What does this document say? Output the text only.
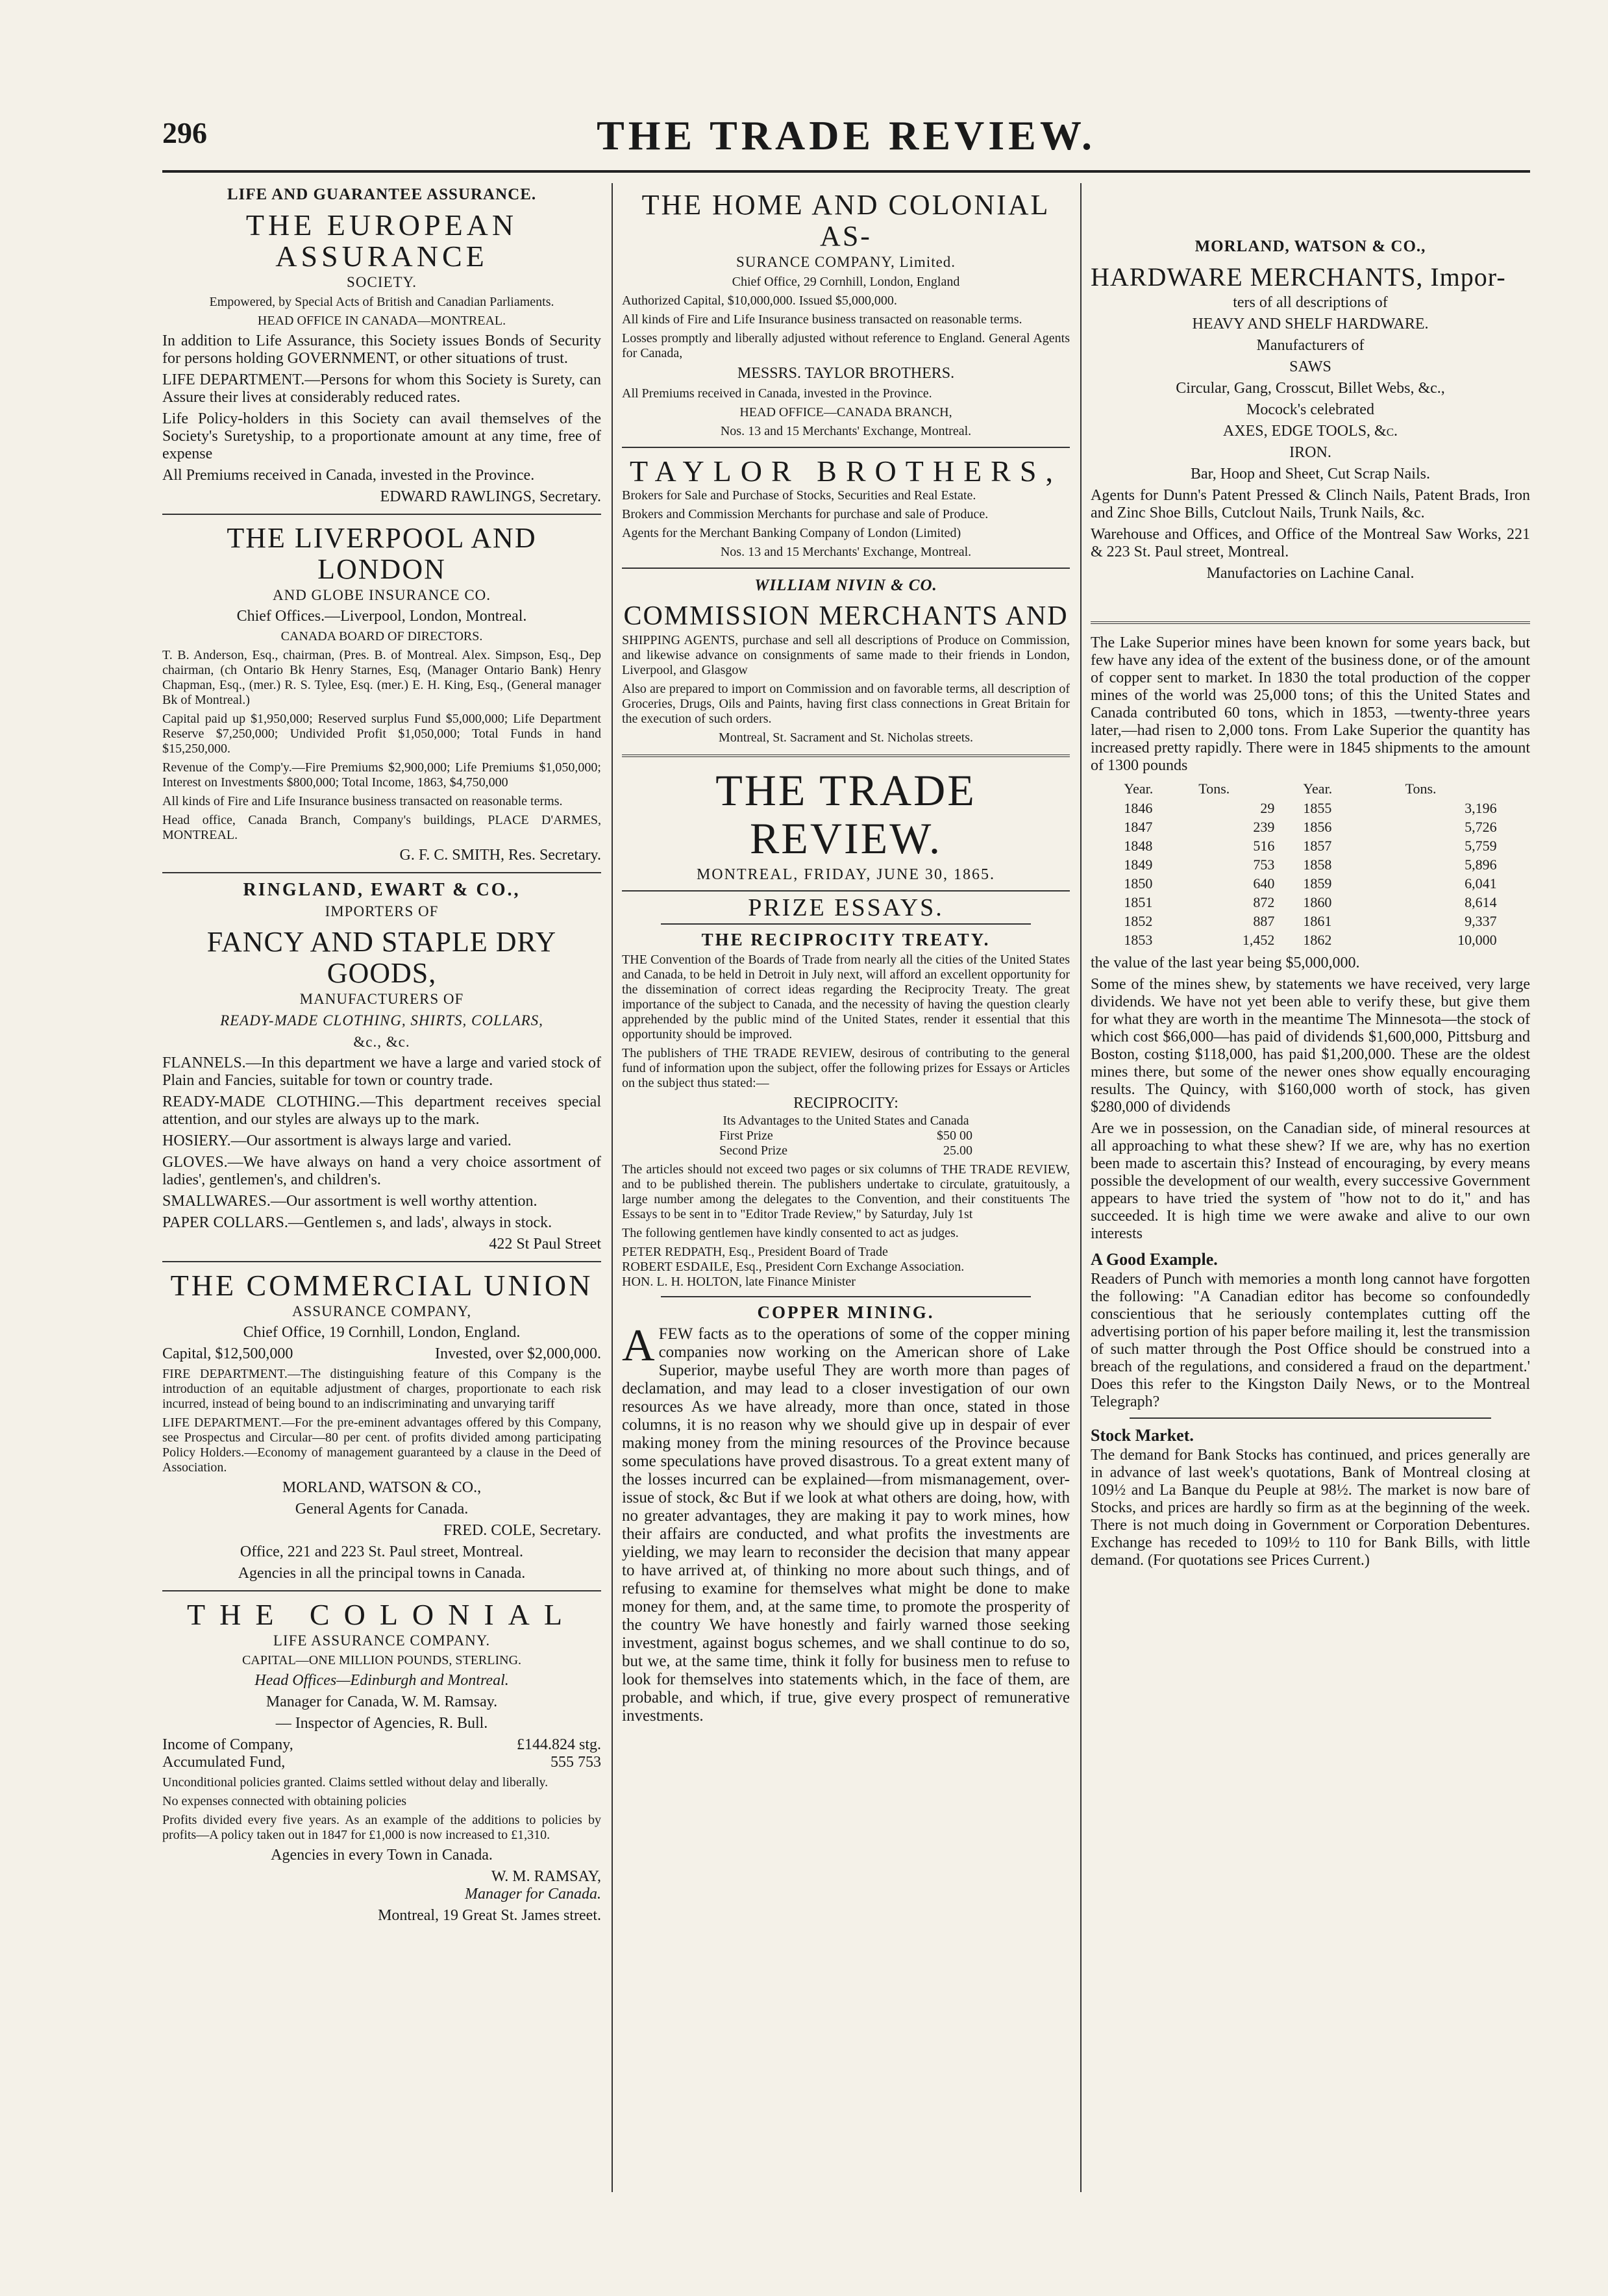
296	THE TRADE REVIEW.
LIFE AND GUARANTEE ASSURANCE.
THE EUROPEAN ASSURANCE
SOCIETY.

Empowered, by Special Acts of British and Canadian Parliaments.

HEAD OFFICE IN CANADA—MONTREAL.

In addition to Life Assurance, this Society issues Bonds of Security for persons holding GOVERNMENT, or other situations of trust.

LIFE DEPARTMENT.—Persons for whom this Society is Surety, can Assure their lives at considerably reduced rates.

Life Policy-holders in this Society can avail themselves of the Society's Suretyship, to a proportionate amount at any time, free of expense

All Premiums received in Canada, invested in the Province.

EDWARD RAWLINGS, Secretary.

THE LIVERPOOL AND LONDON
AND GLOBE INSURANCE CO.

Chief Offices.—Liverpool, London, Montreal.

CANADA BOARD OF DIRECTORS.

T. B. Anderson, Esq., chairman, (Pres. B. of Montreal. Alex. Simpson, Esq., Dep chairman, (ch Ontario Bk Henry Starnes, Esq, (Manager Ontario Bank) Henry Chapman, Esq., (mer.) R. S. Tylee, Esq. (mer.) E. H. King, Esq., (General manager Bk of Montreal.)

Capital paid up $1,950,000; Reserved surplus Fund $5,000,000; Life Department Reserve $7,250,000; Undivided Profit $1,050,000; Total Funds in hand $15,250,000.

Revenue of the Comp'y.—Fire Premiums $2,900,000; Life Premiums $1,050,000; Interest on Investments $800,000; Total Income, 1863, $4,750,000

All kinds of Fire and Life Insurance business transacted on reasonable terms.

Head office, Canada Branch, Company's buildings, PLACE D'ARMES, MONTREAL.

G. F. C. SMITH, Res. Secretary.

RINGLAND, EWART & CO.,
IMPORTERS OF
FANCY AND STAPLE DRY GOODS,
MANUFACTURERS OF
READY-MADE CLOTHING, SHIRTS, COLLARS,
&c., &c.

FLANNELS.—In this department we have a large and varied stock of Plain and Fancies, suitable for town or country trade.

READY-MADE CLOTHING.—This department receives special attention, and our styles are always up to the mark.

HOSIERY.—Our assortment is always large and varied.

GLOVES.—We have always on hand a very choice assortment of ladies', gentlemen's, and children's.

SMALLWARES.—Our assortment is well worthy attention.

PAPER COLLARS.—Gentlemen s, and lads', always in stock.

422 St Paul Street

THE COMMERCIAL UNION
ASSURANCE COMPANY,

Chief Office, 19 Cornhill, London, England.

Capital, $12,500,000	Invested, over $2,000,000.

FIRE DEPARTMENT.—The distinguishing feature of this Company is the introduction of an equitable adjustment of charges, proportionate to each risk incurred, instead of being bound to an indiscriminating and unvarying tariff

LIFE DEPARTMENT.—For the pre-eminent advantages offered by this Company, see Prospectus and Circular—80 per cent. of profits divided among participating Policy Holders.—Economy of management guaranteed by a clause in the Deed of Association.

MORLAND, WATSON & CO.,

General Agents for Canada.

FRED. COLE, Secretary.

Office, 221 and 223 St. Paul street, Montreal.

Agencies in all the principal towns in Canada.

THE COLONIAL
LIFE ASSURANCE COMPANY.

CAPITAL—ONE MILLION POUNDS, STERLING.

Head Offices—Edinburgh and Montreal.

Manager for Canada, W. M. Ramsay.

— Inspector of Agencies, R. Bull.

Income of Company,	£144.824 stg.
Accumulated Fund,	555 753

Unconditional policies granted. Claims settled without delay and liberally.

No expenses connected with obtaining policies

Profits divided every five years. As an example of the additions to policies by profits—A policy taken out in 1847 for £1,000 is now increased to £1,310.

Agencies in every Town in Canada.

W. M. RAMSAY,

Manager for Canada.

Montreal, 19 Great St. James street.

THE HOME AND COLONIAL AS-
SURANCE COMPANY, Limited.

Chief Office, 29 Cornhill, London, England

Authorized Capital, $10,000,000. Issued $5,000,000.

All kinds of Fire and Life Insurance business transacted on reasonable terms.

Losses promptly and liberally adjusted without reference to England. General Agents for Canada,

MESSRS. TAYLOR BROTHERS.

All Premiums received in Canada, invested in the Province.

HEAD OFFICE—CANADA BRANCH,

Nos. 13 and 15 Merchants' Exchange, Montreal.

TAYLOR BROTHERS,

Brokers for Sale and Purchase of Stocks, Securities and Real Estate.

Brokers and Commission Merchants for purchase and sale of Produce.

Agents for the Merchant Banking Company of London (Limited)

Nos. 13 and 15 Merchants' Exchange, Montreal.

WILLIAM NIVIN & CO.
COMMISSION MERCHANTS AND

SHIPPING AGENTS, purchase and sell all descriptions of Produce on Commission, and likewise advance on consignments of same made to their friends in London, Liverpool, and Glasgow

Also are prepared to import on Commission and on favorable terms, all description of Groceries, Drugs, Oils and Paints, having first class connections in Great Britain for the execution of such orders.

Montreal, St. Sacrament and St. Nicholas streets.

THE TRADE REVIEW.
MONTREAL, FRIDAY, JUNE 30, 1865.
PRIZE ESSAYS.
THE RECIPROCITY TREATY.

THE Convention of the Boards of Trade from nearly all the cities of the United States and Canada, to be held in Detroit in July next, will afford an excellent opportunity for the dissemination of correct ideas regarding the Reciprocity Treaty. The great importance of the subject to Canada, and the necessity of having the question clearly apprehended by the public mind of the United States, render it essential that this opportunity should be improved.

The publishers of THE TRADE REVIEW, desirous of contributing to the general fund of information upon the subject, offer the following prizes for Essays or Articles on the subject thus stated:—

RECIPROCITY:

Its Advantages to the United States and Canada

First Prize	$50 00
Second Prize	25.00

The articles should not exceed two pages or six columns of THE TRADE REVIEW, and to be published therein. The publishers undertake to circulate, gratuitously, a large number among the delegates to the Convention, and their constituents The Essays to be sent in to "Editor Trade Review," by Saturday, July 1st

The following gentlemen have kindly consented to act as judges.

PETER REDPATH, Esq., President Board of Trade

ROBERT ESDAILE, Esq., President Corn Exchange Association.

HON. L. H. HOLTON, late Finance Minister

COPPER MINING.

A FEW facts as to the operations of some of the copper mining companies now working on the American shore of Lake Superior, maybe useful They are worth more than pages of declamation, and may lead to a closer investigation of our own resources As we have already, more than once, stated in those columns, it is no reason why we should give up in despair of ever making money from the mining resources of the Province because some speculations have proved disastrous. To a great extent many of the losses incurred can be explained—from mismanagement, over-issue of stock, &c But if we look at what others are doing, how, with no greater advantages, they are making it pay to work mines, how their affairs are conducted, and what profits the investments are yielding, we may learn to reconsider the decision that many appear to have arrived at, of thinking no more about such things, and of refusing to examine for themselves what might be done to make money for them, and, at the same time, to promote the prosperity of the country We have honestly and fairly warned those seeking investment, against bogus schemes, and we shall continue to do so, but we, at the same time, think it folly for business men to refuse to look for themselves into statements which, in the face of them, are probable, and which, if true, give every prospect of remunerative investments.

MORLAND, WATSON & CO.,
HARDWARE MERCHANTS, Impor-

ters of all descriptions of

HEAVY AND SHELF HARDWARE.

Manufacturers of

SAWS

Circular, Gang, Crosscut, Billet Webs, &c.,

Mocock's celebrated

AXES, EDGE TOOLS, &c.

IRON.

Bar, Hoop and Sheet, Cut Scrap Nails.

Agents for Dunn's Patent Pressed & Clinch Nails, Patent Brads, Iron and Zinc Shoe Bills, Cutclout Nails, Trunk Nails, &c.

Warehouse and Offices, and Office of the Montreal Saw Works, 221 & 223 St. Paul street, Montreal.

Manufactories on Lachine Canal.

The Lake Superior mines have been known for some years back, but few have any idea of the extent of the business done, or of the amount of copper sent to market. In 1830 the total production of the copper mines of the world was 25,000 tons; of this the United States and Canada contributed 60 tons, which in 1853, —twenty-three years later,—had risen to 2,000 tons. From Lake Superior the quantity has increased pretty rapidly. There were in 1845 shipments to the amount of 1300 pounds

Year.	Tons.	Year.	Tons.
1846	29	1855	3,196
1847	239	1856	5,726
1848	516	1857	5,759
1849	753	1858	5,896
1850	640	1859	6,041
1851	872	1860	8,614
1852	887	1861	9,337
1853	1,452	1862	10,000

the value of the last year being $5,000,000.

Some of the mines shew, by statements we have received, very large dividends. We have not yet been able to verify these, but give them for what they are worth in the meantime The Minnesota—the stock of which cost $66,000—has paid of dividends $1,600,000, Pittsburg and Boston, costing $118,000, has paid $1,200,000. These are the oldest mines there, but some of the newer ones show equally encouraging results. The Quincy, with $160,000 worth of stock, has given $280,000 of dividends

Are we in possession, on the Canadian side, of mineral resources at all approaching to what these shew? If we are, why has no exertion been made to ascertain this? Instead of encouraging, by every means possible the development of our wealth, every successive Government appears to have tried the system of "how not to do it," and has succeeded. It is high time we were awake and alive to our own interests

A Good Example.

Readers of Punch with memories a month long cannot have forgotten the following: "A Canadian editor has become so confoundedly conscientious that he seriously contemplates cutting off the advertising portion of his paper before mailing it, lest the transmission of such matter through the Post Office should be construed into a breach of the regulations, and considered a fraud on the department.' Does this refer to the Kingston Daily News, or to the Montreal Telegraph?

Stock Market.

The demand for Bank Stocks has continued, and prices generally are in advance of last week's quotations, Bank of Montreal closing at 109½ and La Banque du Peuple at 98½. The market is now bare of Stocks, and prices are hardly so firm as at the beginning of the week. There is not much doing in Government or Corporation Debentures. Exchange has receded to 109½ to 110 for Bank Bills, with little demand. (For quotations see Prices Current.)
